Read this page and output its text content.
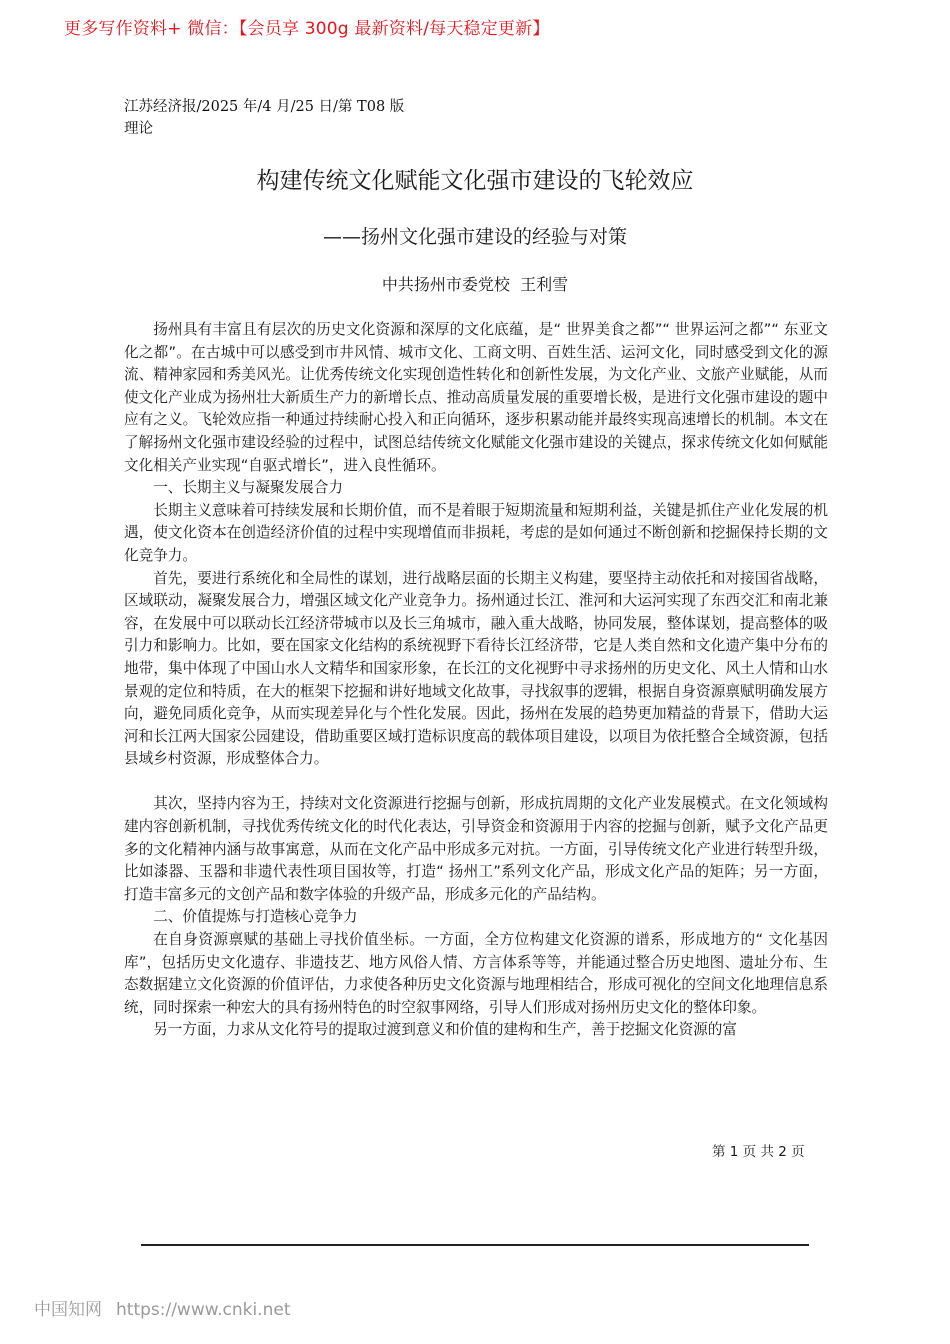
更多写作资料+ 微信：【会员享 300g 最新资料/每天稳定更新】
江苏经济报/2025 年/4 月/25 日/第 T08 版理论
构建传统文化赋能文化强市建设的飞轮效应
——扬州文化强市建设的经验与对策
中共扬州市委党校  王利雪

扬州具有丰富且有层次的历史文化资源和深厚的文化底蕴，是“ 世界美食之都”“ 世界运河之都”“ 东亚文化之都”。在古城中可以感受到市井风情、城市文化、工商文明、百姓生活、运河文化，同时感受到文化的源流、精神家园和秀美风光。让优秀传统文化实现创造性转化和创新性发展，为文化产业、文旅产业赋能，从而使文化产业成为扬州壮大新质生产力的新增长点、推动高质量发展的重要增长极，是进行文化强市建设的题中应有之义。飞轮效应指一种通过持续耐心投入和正向循环，逐步积累动能并最终实现高速增长的机制。本文在了解扬州文化强市建设经验的过程中，试图总结传统文化赋能文化强市建设的关键点，探求传统文化如何赋能文化相关产业实现“自驱式增长”，进入良性循环。

一、长期主义与凝聚发展合力

长期主义意味着可持续发展和长期价值，而不是着眼于短期流量和短期利益，关键是抓住产业化发展的机遇，使文化资本在创造经济价值的过程中实现增值而非损耗，考虑的是如何通过不断创新和挖掘保持长期的文化竞争力。

首先，要进行系统化和全局性的谋划，进行战略层面的长期主义构建，要坚持主动依托和对接国省战略，区域联动，凝聚发展合力，增强区域文化产业竞争力。扬州通过长江、淮河和大运河实现了东西交汇和南北兼容，在发展中可以联动长江经济带城市以及长三角城市，融入重大战略，协同发展，整体谋划，提高整体的吸引力和影响力。比如，要在国家文化结构的系统视野下看待长江经济带，它是人类自然和文化遗产集中分布的地带，集中体现了中国山水人文精华和国家形象，在长江的文化视野中寻求扬州的历史文化、风土人情和山水景观的定位和特质，在大的框架下挖掘和讲好地域文化故事，寻找叙事的逻辑，根据自身资源禀赋明确发展方向，避免同质化竞争，从而实现差异化与个性化发展。因此，扬州在发展的趋势更加精益的背景下，借助大运河和长江两大国家公园建设，借助重要区域打造标识度高的载体项目建设，以项目为依托整合全域资源，包括县域乡村资源，形成整体合力。

其次，坚持内容为王，持续对文化资源进行挖掘与创新，形成抗周期的文化产业发展模式。在文化领域构建内容创新机制，寻找优秀传统文化的时代化表达，引导资金和资源用于内容的挖掘与创新，赋予文化产品更多的文化精神内涵与故事寓意，从而在文化产品中形成多元对抗。一方面，引导传统文化产业进行转型升级，比如漆器、玉器和非遗代表性项目国妆等，打造“ 扬州工”系列文化产品，形成文化产品的矩阵；另一方面，打造丰富多元的文创产品和数字体验的升级产品，形成多元化的产品结构。

二、价值提炼与打造核心竞争力

在自身资源禀赋的基础上寻找价值坐标。一方面，全方位构建文化资源的谱系，形成地方的“ 文化基因库”，包括历史文化遗存、非遗技艺、地方风俗人情、方言体系等等，并能通过整合历史地图、遗址分布、生态数据建立文化资源的价值评估，力求使各种历史文化资源与地理相结合，形成可视化的空间文化地理信息系统，同时探索一种宏大的具有扬州特色的时空叙事网络，引导人们形成对扬州历史文化的整体印象。

另一方面，力求从文化符号的提取过渡到意义和价值的建构和生产，善于挖掘文化资源的富

第 1 页 共 2 页
中国知网 https://www.cnki.net
